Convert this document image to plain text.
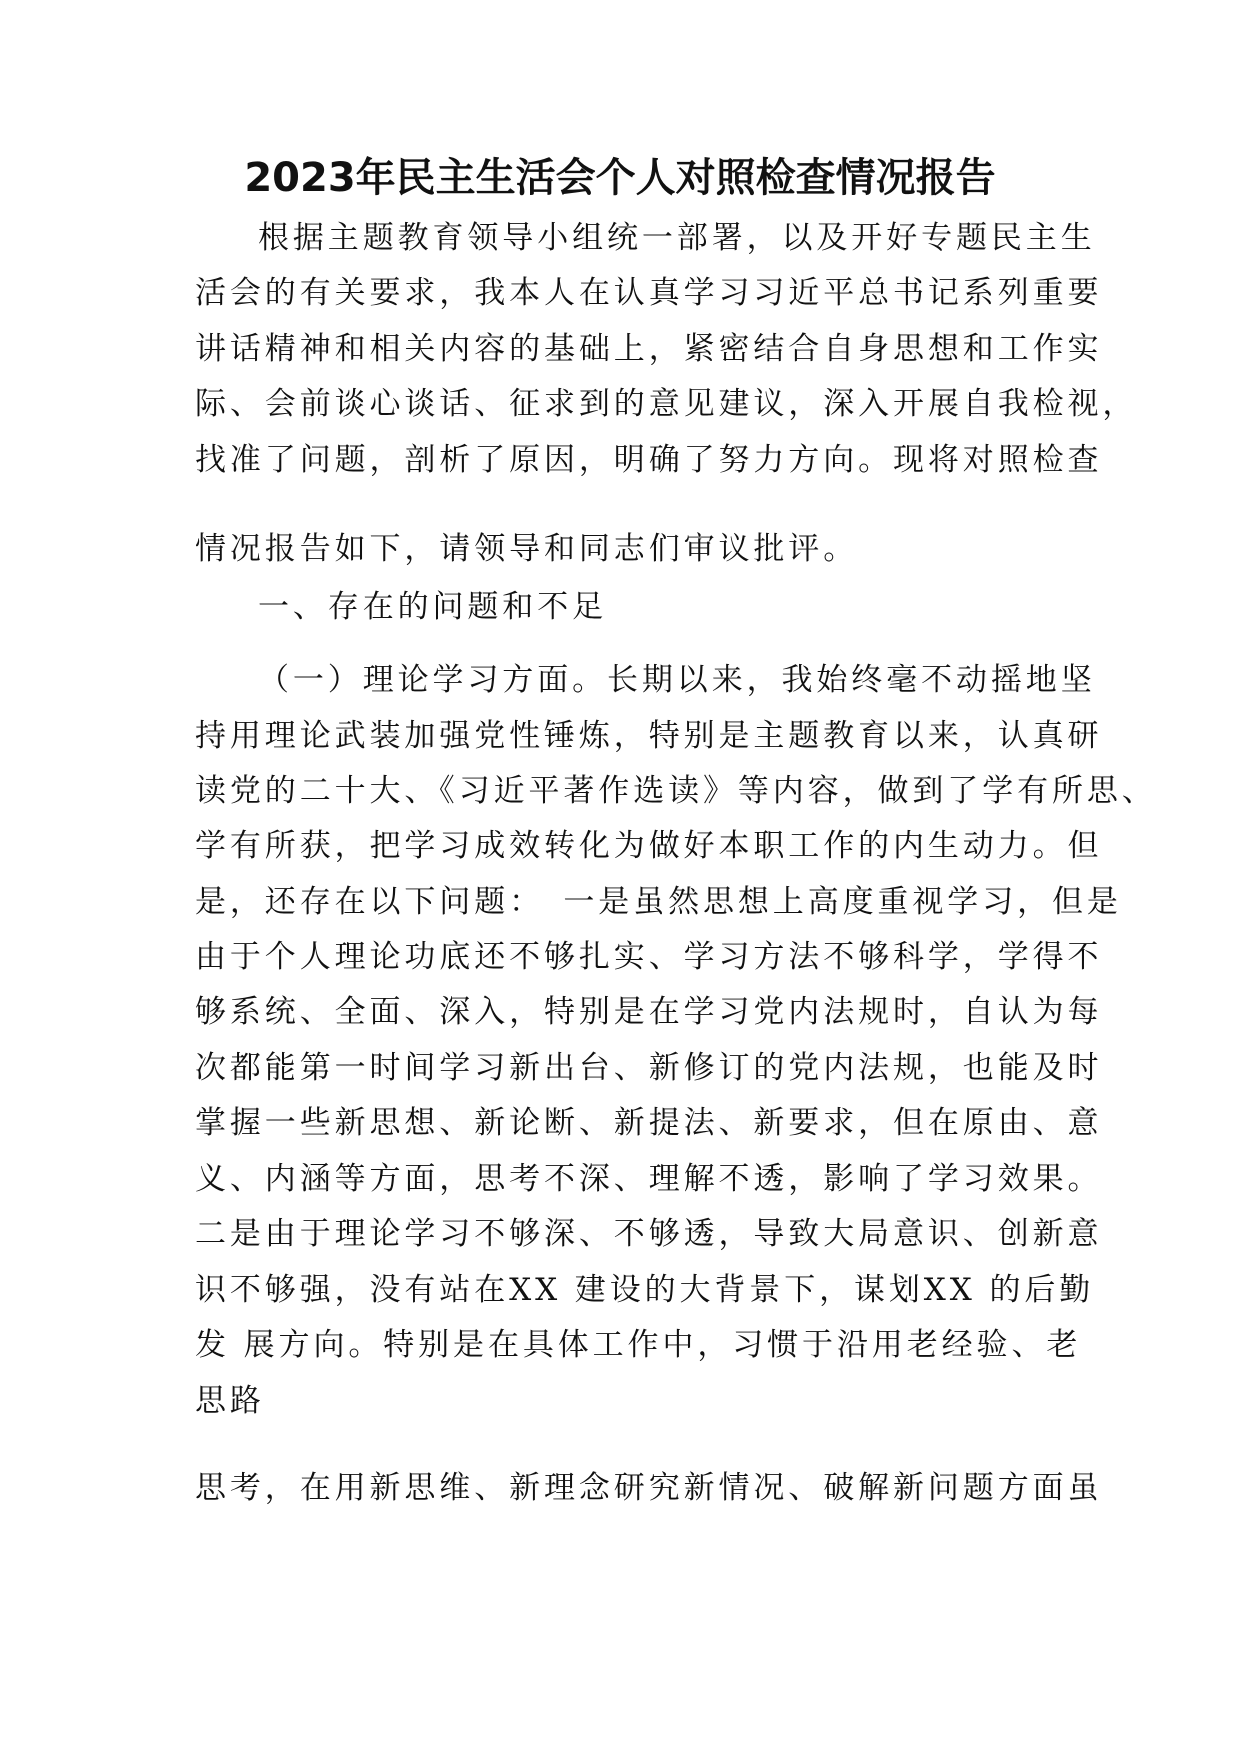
2023年民主生活会个人对照检查情况报告
根据主题教育领导小组统一部署，以及开好专题民主生
活会的有关要求，我本人在认真学习习近平总书记系列重要
讲话精神和相关内容的基础上，紧密结合自身思想和工作实
际、会前谈心谈话、征求到的意见建议，深入开展自我检视，
找准了问题，剖析了原因，明确了努力方向。现将对照检查
情况报告如下，请领导和同志们审议批评。
一、存在的问题和不足
（一）理论学习方面。长期以来，我始终毫不动摇地坚
持用理论武装加强党性锤炼，特别是主题教育以来，认真研
读党的二十大、《习近平著作选读》等内容，做到了学有所思、
学有所获，把学习成效转化为做好本职工作的内生动力。但
是，还存在以下问题：　一是虽然思想上高度重视学习，但是
由于个人理论功底还不够扎实、学习方法不够科学，学得不
够系统、全面、深入，特别是在学习党内法规时，自认为每
次都能第一时间学习新出台、新修订的党内法规，也能及时
掌握一些新思想、新论断、新提法、新要求，但在原由、意
义、内涵等方面，思考不深、理解不透，影响了学习效果。
二是由于理论学习不够深、不够透，导致大局意识、创新意
识不够强，没有站在XX 建设的大背景下，谋划XX 的后勤
发 展方向。特别是在具体工作中，习惯于沿用老经验、老
思路
思考，在用新思维、新理念研究新情况、破解新问题方面虽
